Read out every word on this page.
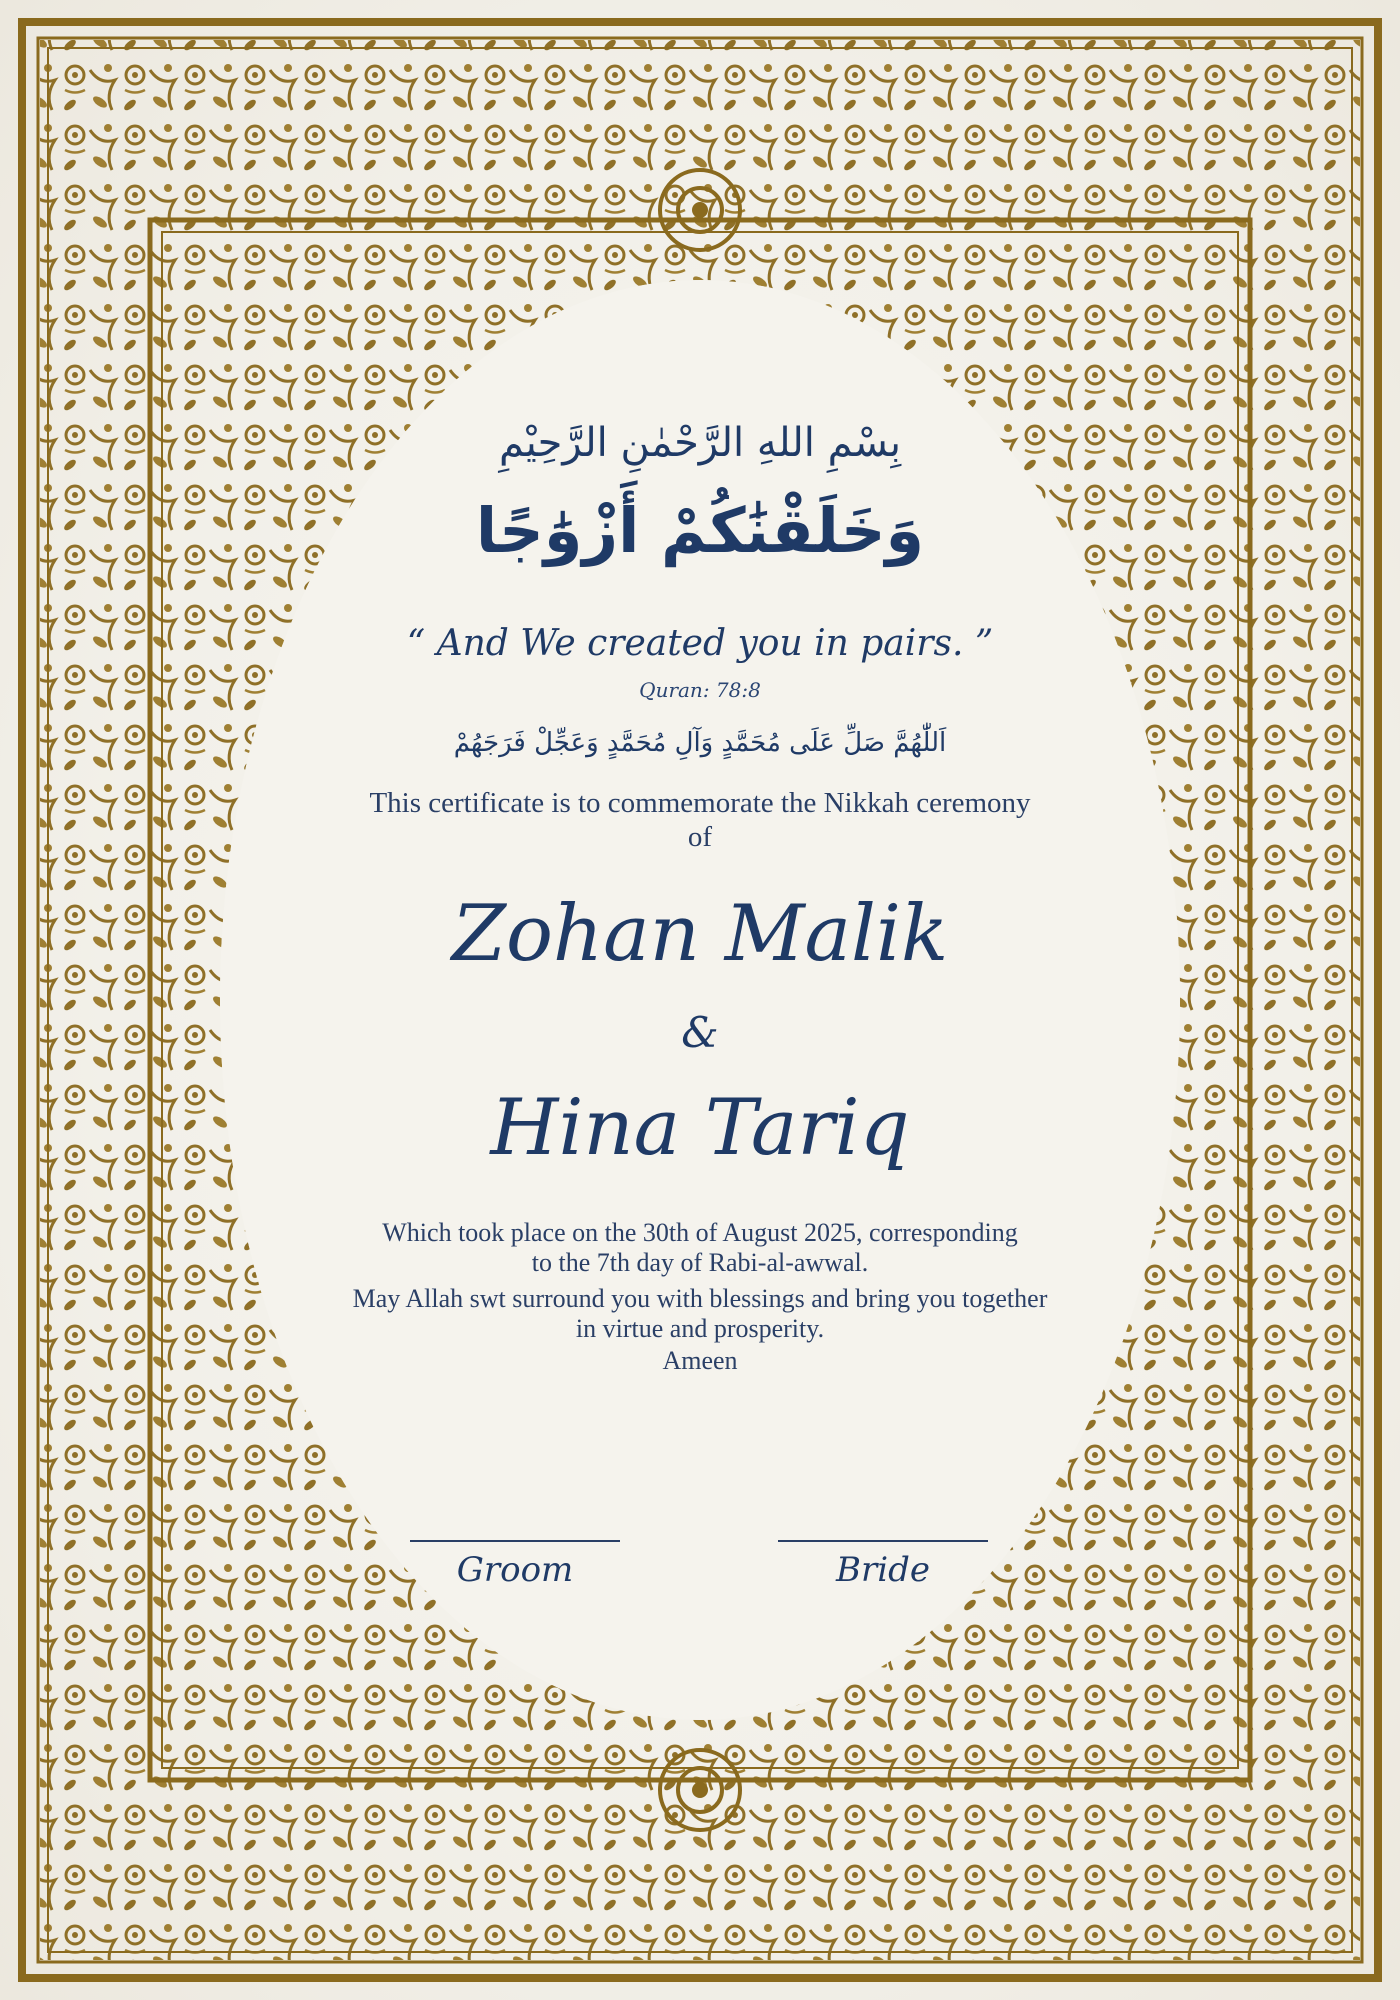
بِسْمِ اللهِ الرَّحْمٰنِ الرَّحِيْمِ
وَخَلَقْنَٰكُمْ أَزْوَٰجًا
“ And We created you in pairs. ”
Quran: 78:8
اَللّٰهُمَّ صَلِّ عَلَى مُحَمَّدٍ وَآلِ مُحَمَّدٍ وَعَجِّلْ فَرَجَهُمْ
This certificate is to commemorate the Nikkah ceremony
of
Zohan Malik
&
Hina Tariq
Which took place on the 30th of August 2025, corresponding
to the 7th day of Rabi-al-awwal.
May Allah swt surround you with blessings and bring you together
in virtue and prosperity.
Ameen
Groom	Bride
